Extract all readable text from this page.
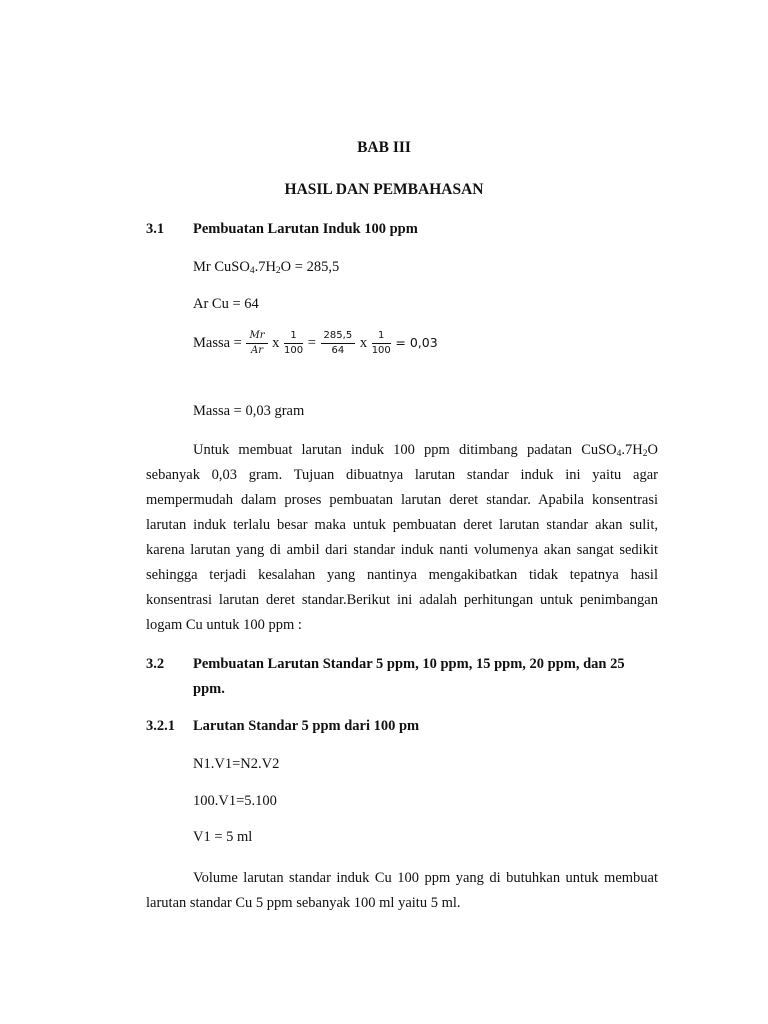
BAB III
HASIL DAN PEMBAHASAN
3.1 Pembuatan Larutan Induk 100 ppm
Mr $CuSO_4.7H_2O = 285,5$
Ar Cu = 64
Massa = $\frac{Mr}{Ar}$ x $\frac{1}{100} = \frac{285,5}{64}$ x $\frac{1}{100} = 0,03$
Massa = 0,03 gram

Untuk membuat larutan induk 100 ppm ditimbang padatan $CuSO_4.7H_2O$ sebanyak 0,03 gram. Tujuan dibuatnya larutan standar induk ini yaitu agar mempermudah dalam proses pembuatan larutan deret standar. Apabila konsentrasi larutan induk terlalu besar maka untuk pembuatan deret larutan standar akan sulit, karena larutan yang di ambil dari standar induk nanti volumenya akan sangat sedikit sehingga terjadi kesalahan yang nantinya mengakibatkan tidak tepatnya hasil konsentrasi larutan deret standar.Berikut ini adalah perhitungan untuk penimbangan logam Cu untuk 100 ppm :

3.2 Pembuatan Larutan Standar 5 ppm, 10 ppm, 15 ppm, 20 ppm, dan 25
ppm.
3.2.1 Larutan Standar 5 ppm dari 100 pm
N1.V1=N2.V2
100.V1=5.100
V1 = 5 ml

Volume larutan standar induk Cu 100 ppm yang di butuhkan untuk membuat larutan standar Cu 5 ppm sebanyak 100 ml yaitu 5 ml.
